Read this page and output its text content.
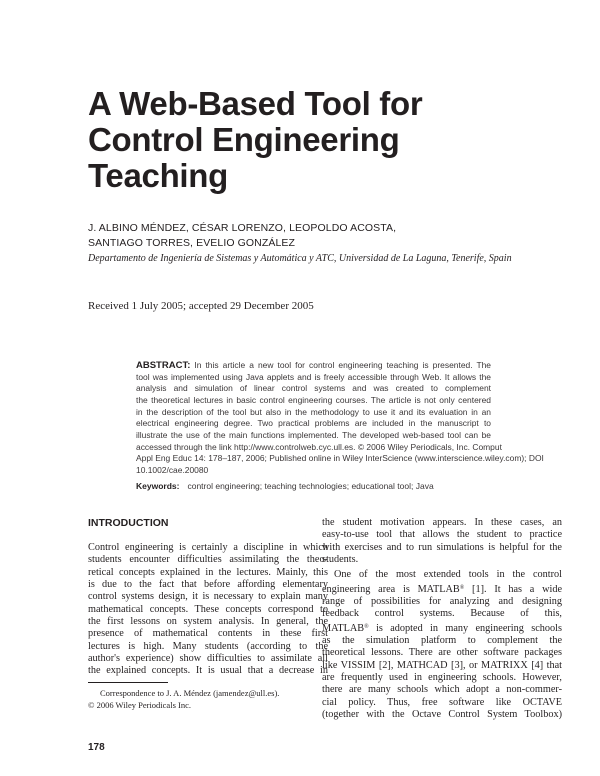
A Web-Based Tool for
Control Engineering
Teaching
J. ALBINO MÉNDEZ, CÉSAR LORENZO, LEOPOLDO ACOSTA,
SANTIAGO TORRES, EVELIO GONZÁLEZ
Departamento de Ingeniería de Sistemas y Automática y ATC, Universidad de La Laguna, Tenerife, Spain
Received 1 July 2005; accepted 29 December 2005
ABSTRACT: In this article a new tool for control engineering teaching is presented. The
tool was implemented using Java applets and is freely accessible through Web. It allows the
analysis and simulation of linear control systems and was created to complement
the theoretical lectures in basic control engineering courses. The article is not only centered
in the description of the tool but also in the methodology to use it and its evaluation in an
electrical engineering degree. Two practical problems are included in the manuscript to
illustrate the use of the main functions implemented. The developed web-based tool can be
accessed through the link http://www.controlweb.cyc.ull.es. © 2006 Wiley Periodicals, Inc. Comput
Appl Eng Educ 14: 178–187, 2006; Published online in Wiley InterScience (www.interscience.wiley.com); DOI
10.1002/cae.20080
Keywords: control engineering; teaching technologies; educational tool; Java
INTRODUCTION
Control engineering is certainly a discipline in which
students encounter difficulties assimilating the theo-
retical concepts explained in the lectures. Mainly, this
is due to the fact that before affording elementary
control systems design, it is necessary to explain many
mathematical concepts. These concepts correspond to
the first lessons on system analysis. In general, the
presence of mathematical contents in these first
lectures is high. Many students (according to the
author's experience) show difficulties to assimilate all
the explained concepts. It is usual that a decrease in
the student motivation appears. In these cases, an
easy-to-use tool that allows the student to practice
with exercises and to run simulations is helpful for the
students.
One of the most extended tools in the control
engineering area is MATLAB® [1]. It has a wide
range of possibilities for analyzing and designing
feedback control systems. Because of this,
MATLAB® is adopted in many engineering schools
as the simulation platform to complement the
theoretical lessons. There are other software packages
like VISSIM [2], MATHCAD [3], or MATRIXX [4] that
are frequently used in engineering schools. However,
there are many schools which adopt a non-commer-
cial policy. Thus, free software like OCTAVE
(together with the Octave Control System Toolbox)
Correspondence to J. A. Méndez (jamendez@ull.es).
© 2006 Wiley Periodicals Inc.
178
